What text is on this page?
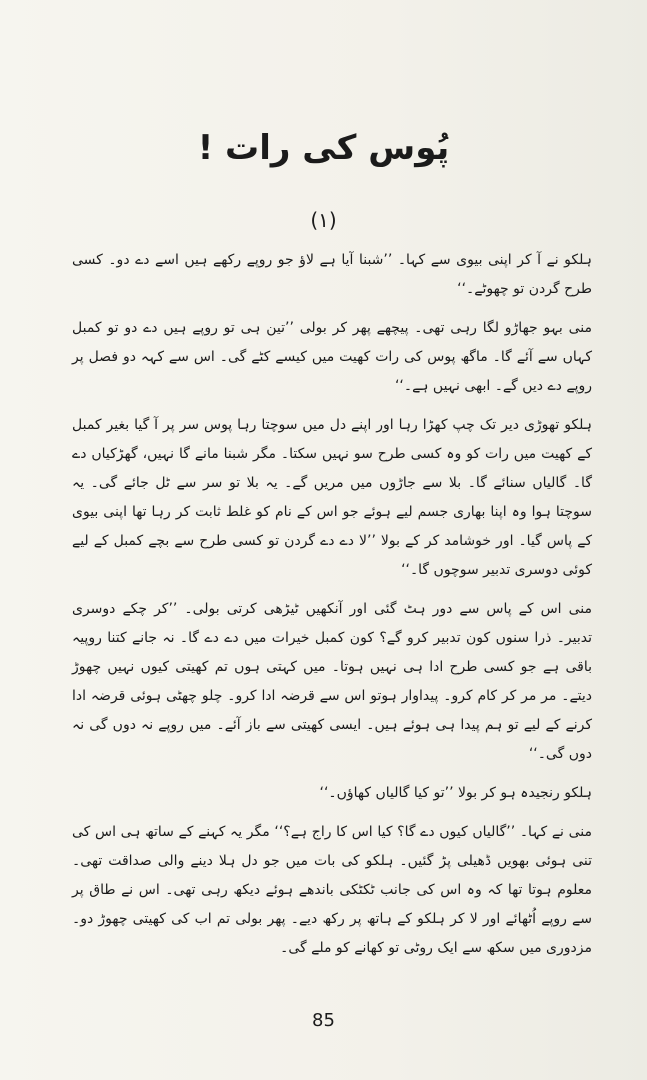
پُوس کی رات !
(۱)

ہلکو نے آ کر اپنی بیوی سے کہا۔ ’’شبنا آیا ہے لاؤ جو روپے رکھے ہیں اسے دے دو۔ کسی طرح گردن تو چھوٹے۔‘‘

منی بہو جھاڑو لگا رہی تھی۔ پیچھے پھر کر بولی ’’تین ہی تو روپے ہیں دے دو تو کمبل کہاں سے آئے گا۔ ماگھ پوس کی رات کھیت میں کیسے کٹے گی۔ اس سے کہہ دو فصل پر روپے دے دیں گے۔ ابھی نہیں ہے۔‘‘

ہلکو تھوڑی دیر تک چپ کھڑا رہا اور اپنے دل میں سوچتا رہا پوس سر پر آ گیا بغیر کمبل کے کھیت میں رات کو وہ کسی طرح سو نہیں سکتا۔ مگر شبنا مانے گا نہیں، گھڑکیاں دے گا۔ گالیاں سنائے گا۔ بلا سے جاڑوں میں مریں گے۔ یہ بلا تو سر سے ٹل جائے گی۔ یہ سوچتا ہوا وہ اپنا بھاری جسم لیے ہوئے جو اس کے نام کو غلط ثابت کر رہا تھا اپنی بیوی کے پاس گیا۔ اور خوشامد کر کے بولا ’’لا دے دے گردن تو کسی طرح سے بچے کمبل کے لیے کوئی دوسری تدبیر سوچوں گا۔‘‘

منی اس کے پاس سے دور ہٹ گئی اور آنکھیں ٹیڑھی کرتی بولی۔ ’’کر چکے دوسری تدبیر۔ ذرا سنوں کون تدبیر کرو گے؟ کون کمبل خیرات میں دے دے گا۔ نہ جانے کتنا روپیہ باقی ہے جو کسی طرح ادا ہی نہیں ہوتا۔ میں کہتی ہوں تم کھیتی کیوں نہیں چھوڑ دیتے۔ مر مر کر کام کرو۔ پیداوار ہوتو اس سے قرضہ ادا کرو۔ چلو چھٹی ہوئی قرضہ ادا کرنے کے لیے تو ہم پیدا ہی ہوئے ہیں۔ ایسی کھیتی سے باز آئے۔ میں روپے نہ دوں گی نہ دوں گی۔‘‘

ہلکو رنجیدہ ہو کر بولا ’’تو کیا گالیاں کھاؤں۔‘‘

منی نے کہا۔ ’’گالیاں کیوں دے گا؟ کیا اس کا راج ہے؟‘‘ مگر یہ کہنے کے ساتھ ہی اس کی تنی ہوئی بھویں ڈھیلی پڑ گئیں۔ ہلکو کی بات میں جو دل ہلا دینے والی صداقت تھی۔ معلوم ہوتا تھا کہ وہ اس کی جانب ٹکٹکی باندھے ہوئے دیکھ رہی تھی۔ اس نے طاق پر سے روپے اُٹھائے اور لا کر ہلکو کے ہاتھ پر رکھ دیے۔ پھر بولی تم اب کی کھیتی چھوڑ دو۔ مزدوری میں سکھ سے ایک روٹی تو کھانے کو ملے گی۔

85
